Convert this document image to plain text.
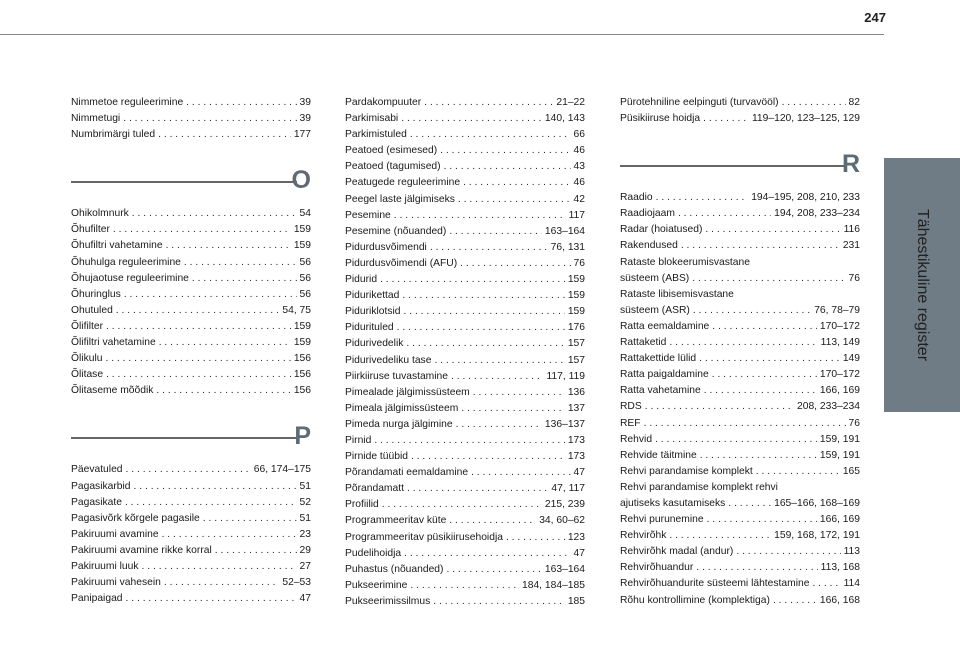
247
Tähestikuline register
Nimmetoe reguleerimine . . .	39
Nimmetugi . . .	39
Numbrimärgi tuled . . .	177
O
Ohikolmnurk . . .	54
Õhufilter . . .	159
Õhufiltri vahetamine . . .	159
Õhuhulga reguleerimine . . .	56
Õhujaotuse reguleerimine . . .	56
Õhuringlus . . .	56
Ohutuled . . .	54, 75
Õlifilter . . .	159
Õlifiltri vahetamine . . .	159
Õlikulu . . .	156
Õlitase . . .	156
Õlitaseme mõõdik . . .	156
P
Päevatuled . . .	66, 174–175
Pagasikarbid . . .	51
Pagasikate . . .	52
Pagasivõrk kõrgele pagasile . . .	51
Pakiruumi avamine . . .	23
Pakiruumi avamine rikke korral . . .	29
Pakiruumi luuk . . .	27
Pakiruumi vahesein . . .	52–53
Panipaigad . . .	47
Pardakompuuter . . .	21–22
Parkimisabi . . .	140, 143
Parkimistuled . . .	66
Peatoed (esimesed) . . .	46
Peatoed (tagumised) . . .	43
Peatugede reguleerimine . . .	46
Peegel laste jälgimiseks . . .	42
Pesemine . . .	117
Pesemine (nõuanded) . . .	163–164
Pidurdusvõimendi . . .	76, 131
Pidurdusvõimendi (AFU) . . .	76
Pidurid . . .	159
Pidurikettad . . .	159
Piduriklotsid . . .	159
Pidurituled . . .	176
Pidurivedelik . . .	157
Pidurivedeliku tase . . .	157
Piirkiiruse tuvastamine . . .	117, 119
Pimealade jälgimissüsteem . . .	136
Pimeala jälgimissüsteem . . .	137
Pimeda nurga jälgimine . . .	136–137
Pirnid . . .	173
Pirnide tüübid . . .	173
Põrandamati eemaldamine . . .	47
Põrandamatt . . .	47, 117
Profiilid . . .	215, 239
Programmeeritav küte . . .	34, 60–62
Programmeeritav püsikiirusehoidja . . .	123
Pudelihoidja . . .	47
Puhastus (nõuanded) . . .	163–164
Pukseerimine . . .	184, 184–185
Pukseerimissilmus . . .	185
Pürotehniline eelpinguti (turvavööl) . . .	82
Püsikiiruse hoidja . . .	119–120, 123–125, 129
R
Raadio . . .	194–195, 208, 210, 233
Raadiojaam . . .	194, 208, 233–234
Radar (hoiatused) . . .	116
Rakendused . . .	231
Rataste blokeerumisvastane
süsteem (ABS) . . .	76
Rataste libisemisvastane
süsteem (ASR) . . .	76, 78–79
Ratta eemaldamine . . .	170–172
Rattaketid . . .	113, 149
Rattakettide lülid . . .	149
Ratta paigaldamine . . .	170–172
Ratta vahetamine . . .	166, 169
RDS . . .	208, 233–234
REF . . .	76
Rehvid . . .	159, 191
Rehvide täitmine . . .	159, 191
Rehvi parandamise komplekt . . .	165
Rehvi parandamise komplekt rehvi
ajutiseks kasutamiseks . . .	165–166, 168–169
Rehvi purunemine . . .	166, 169
Rehvirõhk . . .	159, 168, 172, 191
Rehvirõhk madal (andur) . . .	113
Rehvirõhuandur . . .	113, 168
Rehvirõhuandurite süsteemi lähtestamine . . .	114
Rõhu kontrollimine (komplektiga) . . .	166, 168
